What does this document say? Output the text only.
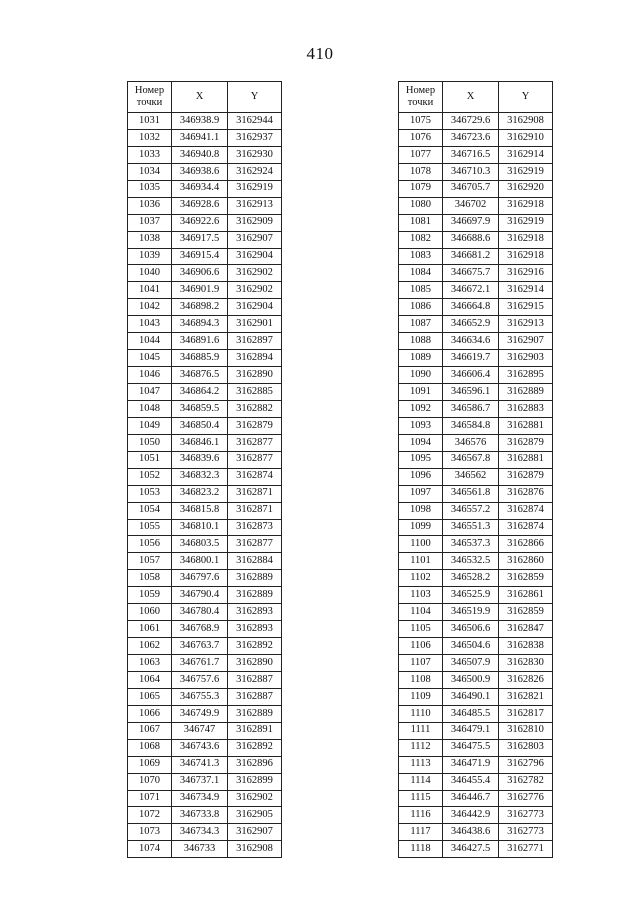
410
Номер
точки	X	Y
1031	346938.9	3162944
1032	346941.1	3162937
1033	346940.8	3162930
1034	346938.6	3162924
1035	346934.4	3162919
1036	346928.6	3162913
1037	346922.6	3162909
1038	346917.5	3162907
1039	346915.4	3162904
1040	346906.6	3162902
1041	346901.9	3162902
1042	346898.2	3162904
1043	346894.3	3162901
1044	346891.6	3162897
1045	346885.9	3162894
1046	346876.5	3162890
1047	346864.2	3162885
1048	346859.5	3162882
1049	346850.4	3162879
1050	346846.1	3162877
1051	346839.6	3162877
1052	346832.3	3162874
1053	346823.2	3162871
1054	346815.8	3162871
1055	346810.1	3162873
1056	346803.5	3162877
1057	346800.1	3162884
1058	346797.6	3162889
1059	346790.4	3162889
1060	346780.4	3162893
1061	346768.9	3162893
1062	346763.7	3162892
1063	346761.7	3162890
1064	346757.6	3162887
1065	346755.3	3162887
1066	346749.9	3162889
1067	346747	3162891
1068	346743.6	3162892
1069	346741.3	3162896
1070	346737.1	3162899
1071	346734.9	3162902
1072	346733.8	3162905
1073	346734.3	3162907
1074	346733	3162908
Номер
точки	X	Y
1075	346729.6	3162908
1076	346723.6	3162910
1077	346716.5	3162914
1078	346710.3	3162919
1079	346705.7	3162920
1080	346702	3162918
1081	346697.9	3162919
1082	346688.6	3162918
1083	346681.2	3162918
1084	346675.7	3162916
1085	346672.1	3162914
1086	346664.8	3162915
1087	346652.9	3162913
1088	346634.6	3162907
1089	346619.7	3162903
1090	346606.4	3162895
1091	346596.1	3162889
1092	346586.7	3162883
1093	346584.8	3162881
1094	346576	3162879
1095	346567.8	3162881
1096	346562	3162879
1097	346561.8	3162876
1098	346557.2	3162874
1099	346551.3	3162874
1100	346537.3	3162866
1101	346532.5	3162860
1102	346528.2	3162859
1103	346525.9	3162861
1104	346519.9	3162859
1105	346506.6	3162847
1106	346504.6	3162838
1107	346507.9	3162830
1108	346500.9	3162826
1109	346490.1	3162821
1110	346485.5	3162817
1111	346479.1	3162810
1112	346475.5	3162803
1113	346471.9	3162796
1114	346455.4	3162782
1115	346446.7	3162776
1116	346442.9	3162773
1117	346438.6	3162773
1118	346427.5	3162771
